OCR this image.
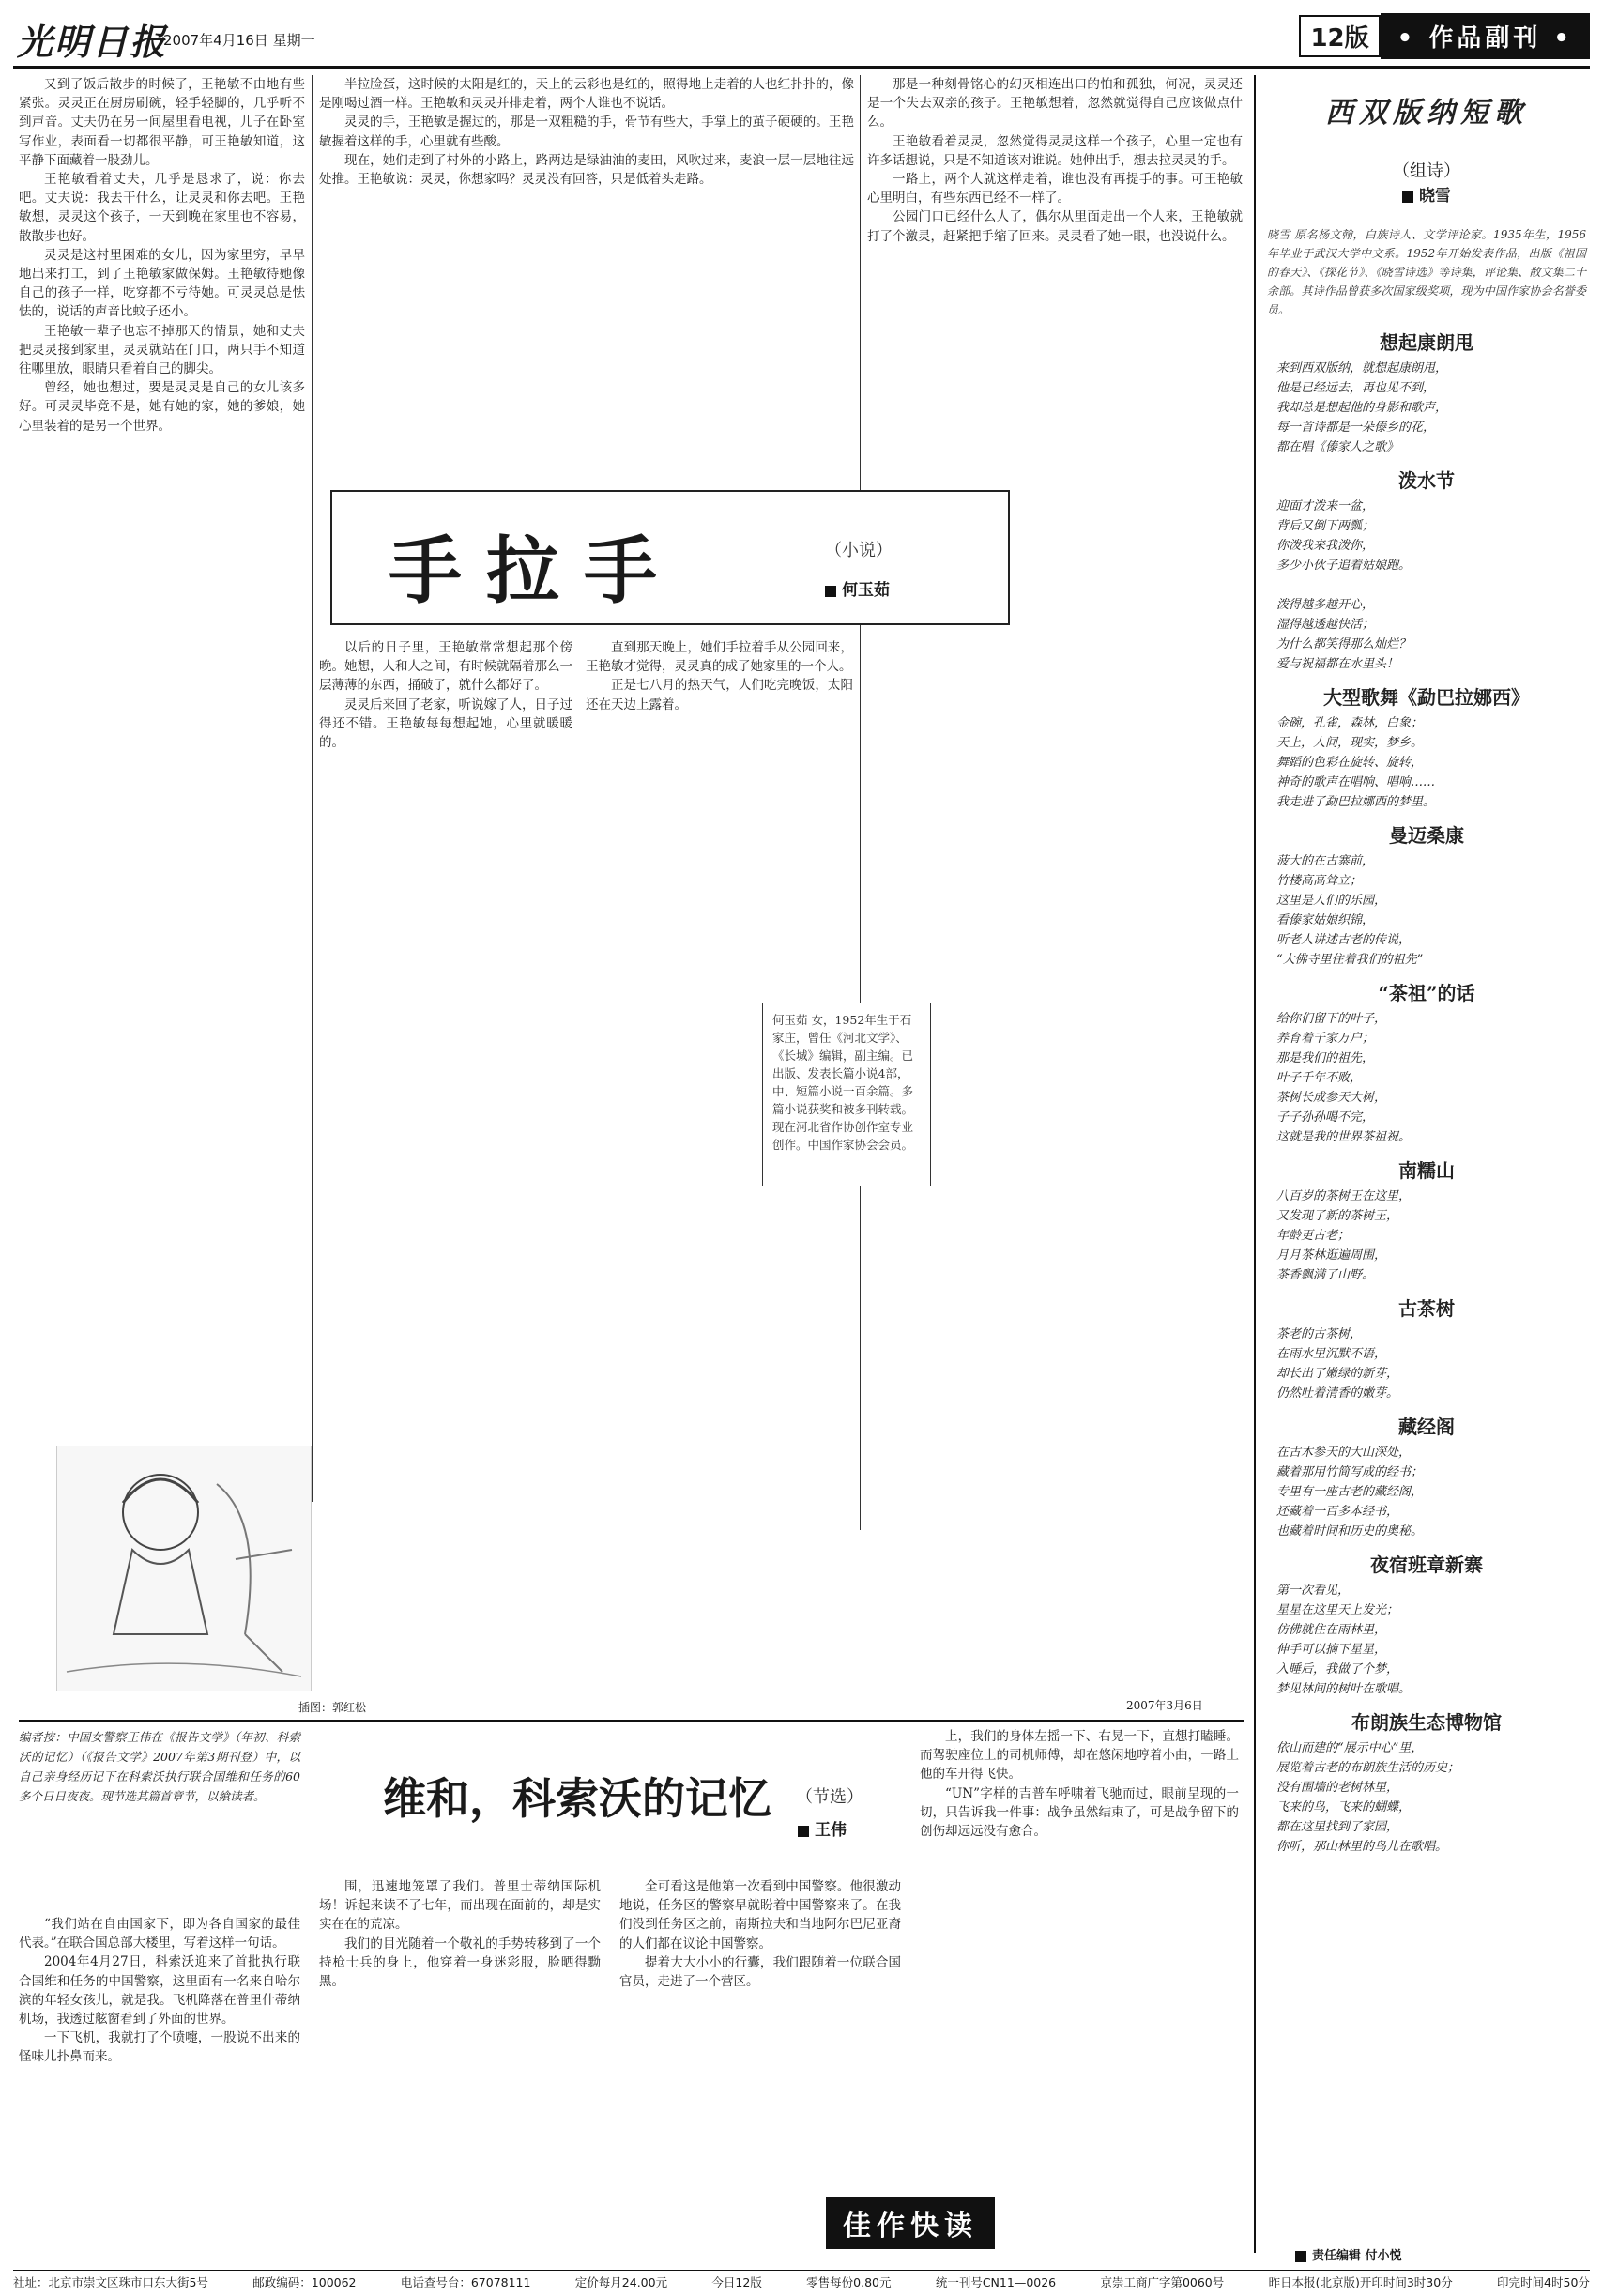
光明日报
2007年4月16日 星期一	12版	• 作品副刊 •

又到了饭后散步的时候了，王艳敏不由地有些紧张。灵灵正在厨房刷碗，轻手轻脚的，几乎听不到声音。丈夫仍在另一间屋里看电视，儿子在卧室写作业，表面看一切都很平静，可王艳敏知道，这平静下面藏着一股劲儿。

王艳敏看着丈夫，几乎是恳求了，说：你去吧。丈夫说：我去干什么，让灵灵和你去吧。王艳敏想，灵灵这个孩子，一天到晚在家里也不容易，散散步也好。

灵灵是这村里困难的女儿，因为家里穷，早早地出来打工，到了王艳敏家做保姆。王艳敏待她像自己的孩子一样，吃穿都不亏待她。可灵灵总是怯怯的，说话的声音比蚊子还小。

王艳敏一辈子也忘不掉那天的情景，她和丈夫把灵灵接到家里，灵灵就站在门口，两只手不知道往哪里放，眼睛只看着自己的脚尖。

曾经，她也想过，要是灵灵是自己的女儿该多好。可灵灵毕竟不是，她有她的家，她的爹娘，她心里装着的是另一个世界。

半拉脸蛋，这时候的太阳是红的，天上的云彩也是红的，照得地上走着的人也红扑扑的，像是刚喝过酒一样。王艳敏和灵灵并排走着，两个人谁也不说话。

灵灵的手，王艳敏是握过的，那是一双粗糙的手，骨节有些大，手掌上的茧子硬硬的。王艳敏握着这样的手，心里就有些酸。

现在，她们走到了村外的小路上，路两边是绿油油的麦田，风吹过来，麦浪一层一层地往远处推。王艳敏说：灵灵，你想家吗？灵灵没有回答，只是低着头走路。

那是一种刻骨铭心的幻灭相连出口的怕和孤独，何况，灵灵还是一个失去双亲的孩子。王艳敏想着，忽然就觉得自己应该做点什么。

王艳敏看着灵灵，忽然觉得灵灵这样一个孩子，心里一定也有许多话想说，只是不知道该对谁说。她伸出手，想去拉灵灵的手。

一路上，两个人就这样走着，谁也没有再提手的事。可王艳敏心里明白，有些东西已经不一样了。

公园门口已经什么人了，偶尔从里面走出一个人来，王艳敏就打了个激灵，赶紧把手缩了回来。灵灵看了她一眼，也没说什么。

手拉手	（小说）
何玉茹

以后的日子里，王艳敏常常想起那个傍晚。她想，人和人之间，有时候就隔着那么一层薄薄的东西，捅破了，就什么都好了。

灵灵后来回了老家，听说嫁了人，日子过得还不错。王艳敏每每想起她，心里就暖暖的。

直到那天晚上，她们手拉着手从公园回来，王艳敏才觉得，灵灵真的成了她家里的一个人。

正是七八月的热天气，人们吃完晚饭，太阳还在天边上露着。

何玉茹 女，1952年生于石家庄，曾任《河北文学》、《长城》编辑，副主编。已出版、发表长篇小说4部，中、短篇小说一百余篇。多篇小说获奖和被多刊转载。现在河北省作协创作室专业创作。中国作家协会会员。
插图：郭红松	2007年3月6日
编者按：中国女警察王伟在《报告文学》（年初、科索沃的记忆）（《报告文学》2007年第3期刊登）中，以自己亲身经历记下在科索沃执行联合国维和任务的60多个日日夜夜。现节选其篇首章节，以飨读者。	维和，科索沃的记忆 （节选）
王伟

“我们站在自由国家下，即为各自国家的最佳代表。”在联合国总部大楼里，写着这样一句话。

2004年4月27日，科索沃迎来了首批执行联合国维和任务的中国警察，这里面有一名来自哈尔滨的年轻女孩儿，就是我。飞机降落在普里什蒂纳机场，我透过舷窗看到了外面的世界。

一下飞机，我就打了个喷嚏，一股说不出来的怪味儿扑鼻而来。

围，迅速地笼罩了我们。普里士蒂纳国际机场！诉起来读不了七年，而出现在面前的，却是实实在在的荒凉。

我们的目光随着一个敬礼的手势转移到了一个持枪士兵的身上，他穿着一身迷彩服，脸晒得黝黑。

全可看这是他第一次看到中国警察。他很激动地说，任务区的警察早就盼着中国警察来了。在我们没到任务区之前，南斯拉夫和当地阿尔巴尼亚裔的人们都在议论中国警察。

提着大大小小的行囊，我们跟随着一位联合国官员，走进了一个营区。

上，我们的身体左摇一下、右晃一下，直想打瞌睡。而驾驶座位上的司机师傅，却在悠闲地哼着小曲，一路上他的车开得飞快。

“UN”字样的吉普车呼啸着飞驰而过，眼前呈现的一切，只告诉我一件事：战争虽然结束了，可是战争留下的创伤却远远没有愈合。

佳作快读
西双版纳短歌
（组诗）
晓雪
晓雪 原名杨文翰，白族诗人、文学评论家。1935年生，1956年毕业于武汉大学中文系。1952年开始发表作品，出版《祖国的春天》、《探花节》、《晓雪诗选》等诗集，评论集、散文集二十余部。其诗作品曾获多次国家级奖项，现为中国作家协会名誉委员。
想起康朗甩
来到西双版纳，就想起康朗甩，
他是已经远去，再也见不到，
我却总是想起他的身影和歌声，
每一首诗都是一朵傣乡的花，
都在唱《傣家人之歌》
泼水节
迎面才泼来一盆，
背后又倒下两瓢；
你泼我来我泼你，
多少小伙子追着姑娘跑。
泼得越多越开心，
湿得越透越快活；
为什么都笑得那么灿烂？
爱与祝福都在水里头！
大型歌舞《勐巴拉娜西》
金碗，孔雀，森林，白象；
天上，人间，现实，梦乡。
舞蹈的色彩在旋转、旋转，
神奇的歌声在唱响、唱响……
我走进了勐巴拉娜西的梦里。
曼迈桑康
菠大的在古寨前，
竹楼高高耸立；
这里是人们的乐园，
看傣家姑娘织锦，
听老人讲述古老的传说，
“大佛寺里住着我们的祖先”
“茶祖”的话
给你们留下的叶子，
养育着千家万户；
那是我们的祖先，
叶子千年不败，
茶树长成参天大树，
子子孙孙喝不完，
这就是我的世界茶祖祝。
南糯山
八百岁的茶树王在这里，
又发现了新的茶树王，
年龄更古老；
月月茶林逛遍周围，
茶香飘满了山野。
古茶树
茶老的古茶树，
在雨水里沉默不语，
却长出了嫩绿的新芽，
仍然吐着清香的嫩芽。
藏经阁
在古木参天的大山深处，
藏着那用竹简写成的经书；
专里有一座古老的藏经阁，
还藏着一百多本经书，
也藏着时间和历史的奥秘。
夜宿班章新寨
第一次看见，
星星在这里天上发光；
仿佛就住在雨林里，
伸手可以摘下星星，
入睡后，我做了个梦，
梦见林间的树叶在歌唱。
布朗族生态博物馆
依山而建的“展示中心”里，
展览着古老的布朗族生活的历史；
没有围墙的老树林里，
飞来的鸟，飞来的蝴蝶，
都在这里找到了家园，
你听，那山林里的鸟儿在歌唱。
责任编辑 付小悦
社址：北京市崇文区珠市口东大街5号	邮政编码：100062	电话查号台：67078111	定价每月24.00元	今日12版	零售每份0.80元	统一刊号CN11—0026	京崇工商广字第0060号	昨日本报(北京版)开印时间3时30分	印完时间4时50分
